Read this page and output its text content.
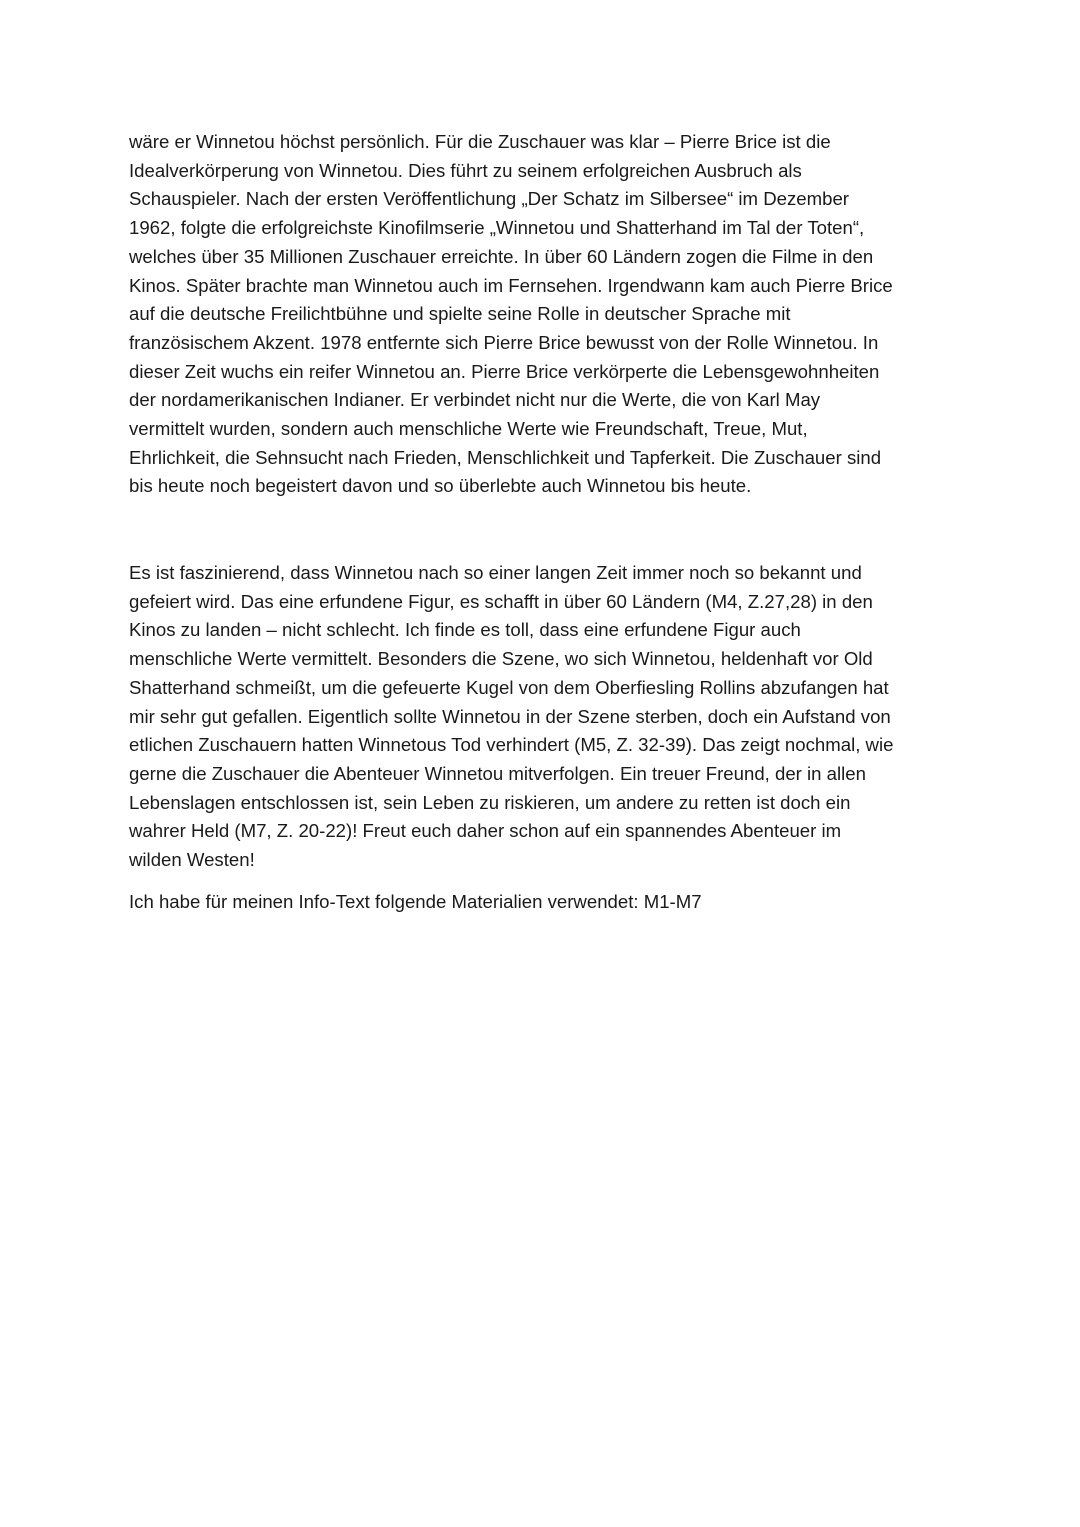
wäre er Winnetou höchst persönlich. Für die Zuschauer was klar – Pierre Brice ist die
Idealverkörperung von Winnetou. Dies führt zu seinem erfolgreichen Ausbruch als
Schauspieler. Nach der ersten Veröffentlichung „Der Schatz im Silbersee“ im Dezember
1962, folgte die erfolgreichste Kinofilmserie „Winnetou und Shatterhand im Tal der Toten“,
welches über 35 Millionen Zuschauer erreichte. In über 60 Ländern zogen die Filme in den
Kinos. Später brachte man Winnetou auch im Fernsehen. Irgendwann kam auch Pierre Brice
auf die deutsche Freilichtbühne und spielte seine Rolle in deutscher Sprache mit
französischem Akzent. 1978 entfernte sich Pierre Brice bewusst von der Rolle Winnetou. In
dieser Zeit wuchs ein reifer Winnetou an. Pierre Brice verkörperte die Lebensgewohnheiten
der nordamerikanischen Indianer. Er verbindet nicht nur die Werte, die von Karl May
vermittelt wurden, sondern auch menschliche Werte wie Freundschaft, Treue, Mut,
Ehrlichkeit, die Sehnsucht nach Frieden, Menschlichkeit und Tapferkeit. Die Zuschauer sind
bis heute noch begeistert davon und so überlebte auch Winnetou bis heute.
Es ist faszinierend, dass Winnetou nach so einer langen Zeit immer noch so bekannt und
gefeiert wird. Das eine erfundene Figur, es schafft in über 60 Ländern (M4, Z.27,28) in den
Kinos zu landen – nicht schlecht. Ich finde es toll, dass eine erfundene Figur auch
menschliche Werte vermittelt. Besonders die Szene, wo sich Winnetou, heldenhaft vor Old
Shatterhand schmeißt, um die gefeuerte Kugel von dem Oberfiesling Rollins abzufangen hat
mir sehr gut gefallen. Eigentlich sollte Winnetou in der Szene sterben, doch ein Aufstand von
etlichen Zuschauern hatten Winnetous Tod verhindert (M5, Z. 32-39). Das zeigt nochmal, wie
gerne die Zuschauer die Abenteuer Winnetou mitverfolgen. Ein treuer Freund, der in allen
Lebenslagen entschlossen ist, sein Leben zu riskieren, um andere zu retten ist doch ein
wahrer Held (M7, Z. 20-22)! Freut euch daher schon auf ein spannendes Abenteuer im
wilden Westen!
Ich habe für meinen Info-Text folgende Materialien verwendet: M1-M7
